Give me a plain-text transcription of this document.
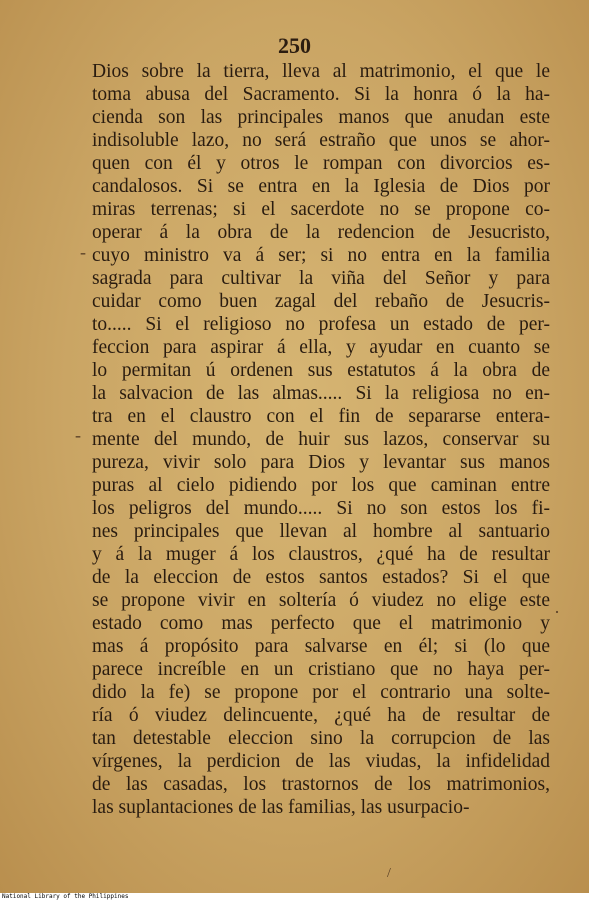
250
Dios sobre la tierra, lleva al matrimonio, el que le
toma abusa del Sacramento. Si la honra ó la ha-
cienda son las principales manos que anudan este
indisoluble lazo, no será estraño que unos se ahor-
quen con él y otros le rompan con divorcios es-
candalosos. Si se entra en la Iglesia de Dios por
miras terrenas; si el sacerdote no se propone co-
operar á la obra de la redencion de Jesucristo,
cuyo ministro va á ser; si no entra en la familia
sagrada para cultivar la viña del Señor y para
cuidar como buen zagal del rebaño de Jesucris-
to..... Si el religioso no profesa un estado de per-
feccion para aspirar á ella, y ayudar en cuanto se
lo permitan ú ordenen sus estatutos á la obra de
la salvacion de las almas..... Si la religiosa no en-
tra en el claustro con el fin de separarse entera-
mente del mundo, de huir sus lazos, conservar su
pureza, vivir solo para Dios y levantar sus manos
puras al cielo pidiendo por los que caminan entre
los peligros del mundo..... Si no son estos los fi-
nes principales que llevan al hombre al santuario
y á la muger á los claustros, ¿qué ha de resultar
de la eleccion de estos santos estados? Si el que
se propone vivir en soltería ó viudez no elige este
estado como mas perfecto que el matrimonio y
mas á propósito para salvarse en él; si (lo que
parece increíble en un cristiano que no haya per-
dido la fe) se propone por el contrario una solte-
ría ó viudez delincuente, ¿qué ha de resultar de
tan detestable eleccion sino la corrupcion de las
vírgenes, la perdicion de las viudas, la infidelidad
de las casadas, los trastornos de los matrimonios,
las suplantaciones de las familias, las usurpacio-
-
-
·
/
National Library of the Philippines
